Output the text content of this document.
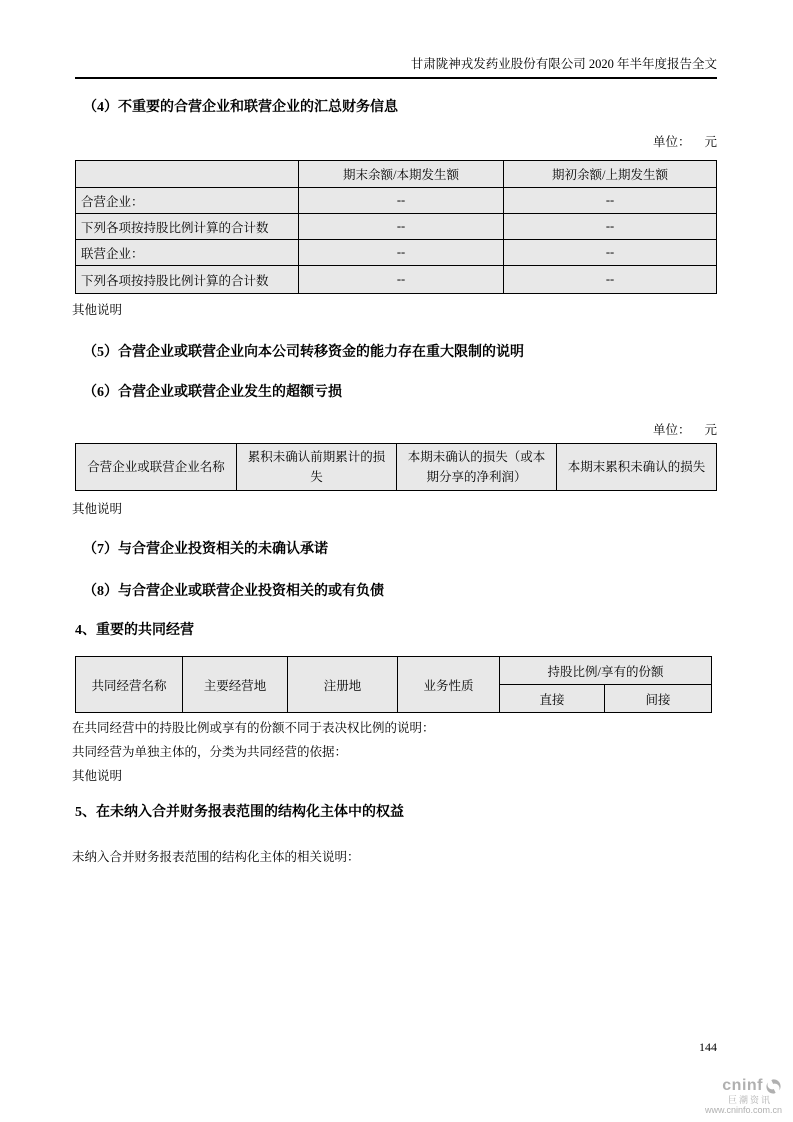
甘肃陇神戎发药业股份有限公司 2020 年半年度报告全文
（4）不重要的合营企业和联营企业的汇总财务信息
单位： 元
	期末余额/本期发生额	期初余额/上期发生额
合营企业：	--	--
下列各项按持股比例计算的合计数	--	--
联营企业：	--	--
下列各项按持股比例计算的合计数	--	--
其他说明
（5）合营企业或联营企业向本公司转移资金的能力存在重大限制的说明
（6）合营企业或联营企业发生的超额亏损
单位： 元
合营企业或联营企业名称	累积未确认前期累计的损失	本期未确认的损失（或本期分享的净利润）	本期末累积未确认的损失
其他说明
（7）与合营企业投资相关的未确认承诺
（8）与合营企业或联营企业投资相关的或有负债
4、重要的共同经营
共同经营名称	主要经营地	注册地	业务性质	持股比例/享有的份额	
				直接	间接
在共同经营中的持股比例或享有的份额不同于表决权比例的说明：
共同经营为单独主体的，分类为共同经营的依据：
其他说明
5、在未纳入合并财务报表范围的结构化主体中的权益
未纳入合并财务报表范围的结构化主体的相关说明：
144
cninf
巨潮资讯
www.cninfo.com.cn
